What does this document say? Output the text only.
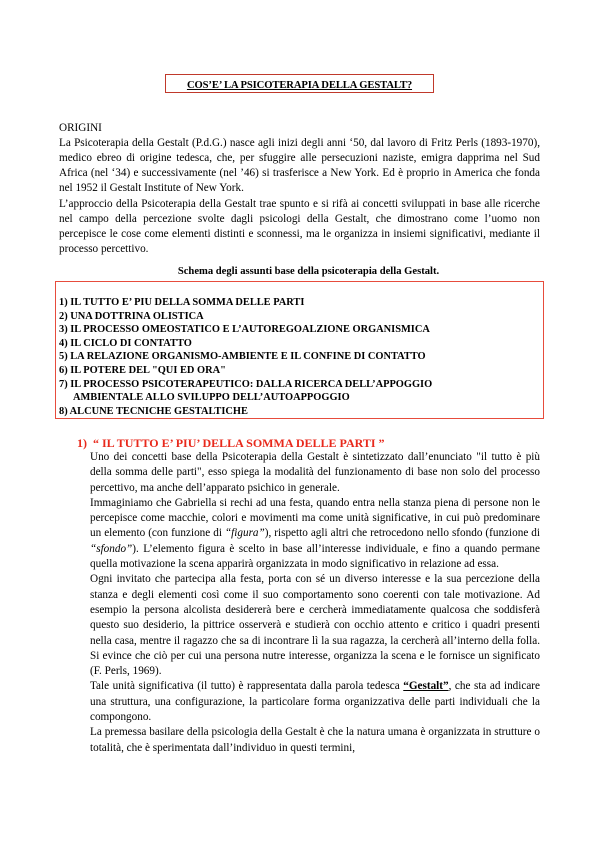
COS’E’ LA PSICOTERAPIA DELLA GESTALT?
ORIGINI
La Psicoterapia della Gestalt (P.d.G.) nasce agli inizi degli anni ‘50, dal lavoro di Fritz Perls (1893-1970), medico ebreo di origine tedesca, che, per sfuggire alle persecuzioni naziste, emigra dapprima nel Sud Africa (nel ‘34) e successivamente (nel ’46) si trasferisce a New York. Ed è proprio in America che fonda nel 1952 il Gestalt Institute of New York.
L’approccio della Psicoterapia della Gestalt trae spunto e si rifà ai concetti sviluppati in base alle ricerche nel campo della percezione svolte dagli psicologi della Gestalt, che dimostrano come l’uomo non percepisce le cose come elementi distinti e sconnessi, ma le organizza in insiemi significativi, mediante il processo percettivo.
Schema degli assunti base della psicoterapia della Gestalt.
1) IL TUTTO E’ PIU DELLA SOMMA DELLE PARTI
2) UNA DOTTRINA OLISTICA
3) IL PROCESSO OMEOSTATICO E L’AUTOREGOALZIONE ORGANISMICA
4) IL CICLO DI CONTATTO
5) LA RELAZIONE ORGANISMO-AMBIENTE E IL CONFINE DI CONTATTO
6) IL POTERE DEL "QUI ED ORA"
7) IL PROCESSO PSICOTERAPEUTICO: DALLA RICERCA DELL’APPOGGIO
AMBIENTALE ALLO SVILUPPO DELL’AUTOAPPOGGIO
8) ALCUNE TECNICHE GESTALTICHE
1) “ IL TUTTO E’ PIU’ DELLA SOMMA DELLE PARTI ”

Uno dei concetti base della Psicoterapia della Gestalt è sintetizzato dall’enunciato "il tutto è più della somma delle parti", esso spiega la modalità del funzionamento di base non solo del processo percettivo, ma anche dell’apparato psichico in generale.

Immaginiamo che Gabriella si rechi ad una festa, quando entra nella stanza piena di persone non le percepisce come macchie, colori e movimenti ma come unità significative, in cui può predominare un elemento (con funzione di “figura”), rispetto agli altri che retrocedono nello sfondo (funzione di “sfondo”). L’elemento figura è scelto in base all’interesse individuale, e fino a quando permane quella motivazione la scena apparirà organizzata in modo significativo in relazione ad essa.

Ogni invitato che partecipa alla festa, porta con sé un diverso interesse e la sua percezione della stanza e degli elementi così come il suo comportamento sono coerenti con tale motivazione. Ad esempio la persona alcolista desidererà bere e cercherà immediatamente qualcosa che soddisferà questo suo desiderio, la pittrice osserverà e studierà con occhio attento e critico i quadri presenti nella casa, mentre il ragazzo che sa di incontrare lì la sua ragazza, la cercherà all’interno della folla. Si evince che ciò per cui una persona nutre interesse, organizza la scena e le fornisce un significato (F. Perls, 1969).

Tale unità significativa (il tutto) è rappresentata dalla parola tedesca “Gestalt”, che sta ad indicare una struttura, una configurazione, la particolare forma organizzativa delle parti individuali che la compongono.

La premessa basilare della psicologia della Gestalt è che la natura umana è organizzata in strutture o totalità, che è sperimentata dall’individuo in questi termini,
